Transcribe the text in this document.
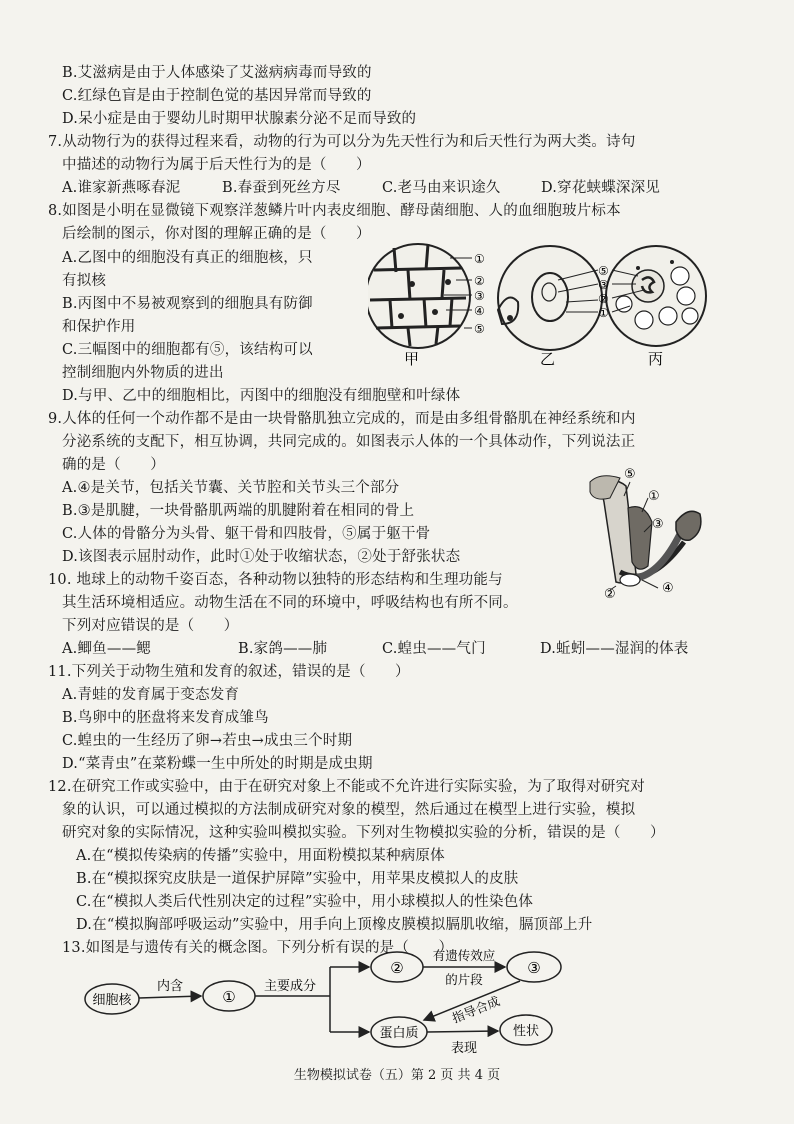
B.艾滋病是由于人体感染了艾滋病病毒而导致的
C.红绿色盲是由于控制色觉的基因异常而导致的
D.呆小症是由于婴幼儿时期甲状腺素分泌不足而导致的
7.从动物行为的获得过程来看，动物的行为可以分为先天性行为和后天性行为两大类。诗句
中描述的动物行为属于后天性行为的是（　　）
A.谁家新燕啄春泥	B.春蚕到死丝方尽	C.老马由来识途久	D.穿花蛱蝶深深见
8.如图是小明在显微镜下观察洋葱鳞片叶内表皮细胞、酵母菌细胞、人的血细胞玻片标本
后绘制的图示，你对图的理解正确的是（　　）
A.乙图中的细胞没有真正的细胞核，只
有拟核
B.丙图中不易被观察到的细胞具有防御
和保护作用
C.三幅图中的细胞都有⑤，该结构可以
控制细胞内外物质的进出
D.与甲、乙中的细胞相比，丙图中的细胞没有细胞壁和叶绿体
①
②
③
④
⑤
⑤
③
②
①
甲	乙	丙
9.人体的任何一个动作都不是由一块骨骼肌独立完成的，而是由多组骨骼肌在神经系统和内
分泌系统的支配下，相互协调，共同完成的。如图表示人体的一个具体动作，下列说法正
确的是（　　）
A.④是关节，包括关节囊、关节腔和关节头三个部分
B.③是肌腱，一块骨骼肌两端的肌腱附着在相同的骨上
C.人体的骨骼分为头骨、躯干骨和四肢骨，⑤属于躯干骨
D.该图表示屈肘动作，此时①处于收缩状态，②处于舒张状态
⑤
①
③
②	④
10. 地球上的动物千姿百态，各种动物以独特的形态结构和生理功能与
其生活环境相适应。动物生活在不同的环境中，呼吸结构也有所不同。
下列对应错误的是（　　）
A.鲫鱼——鳃	B.家鸽——肺	C.蝗虫——气门	D.蚯蚓——湿润的体表
11.下列关于动物生殖和发育的叙述，错误的是（　　）
A.青蛙的发育属于变态发育
B.鸟卵中的胚盘将来发育成雏鸟
C.蝗虫的一生经历了卵→若虫→成虫三个时期
D.“菜青虫”在菜粉蝶一生中所处的时期是成虫期
12.在研究工作或实验中，由于在研究对象上不能或不允许进行实际实验，为了取得对研究对
象的认识，可以通过模拟的方法制成研究对象的模型，然后通过在模型上进行实验，模拟
研究对象的实际情况，这种实验叫模拟实验。下列对生物模拟实验的分析，错误的是（　　）
A.在“模拟传染病的传播”实验中，用面粉模拟某种病原体
B.在“模拟探究皮肤是一道保护屏障”实验中，用苹果皮模拟人的皮肤
C.在“模拟人类后代性别决定的过程”实验中，用小球模拟人的性染色体
D.在“模拟胸部呼吸运动”实验中，用手向上顶橡皮膜模拟膈肌收缩，膈顶部上升
13.如图是与遗传有关的概念图。下列分析有误的是（　　）
细胞核	①
②	③
蛋白质	性状
内含	主要成分
有遗传效应
的片段
指导合成
表现
生物模拟试卷（五）第 2 页 共 4 页
